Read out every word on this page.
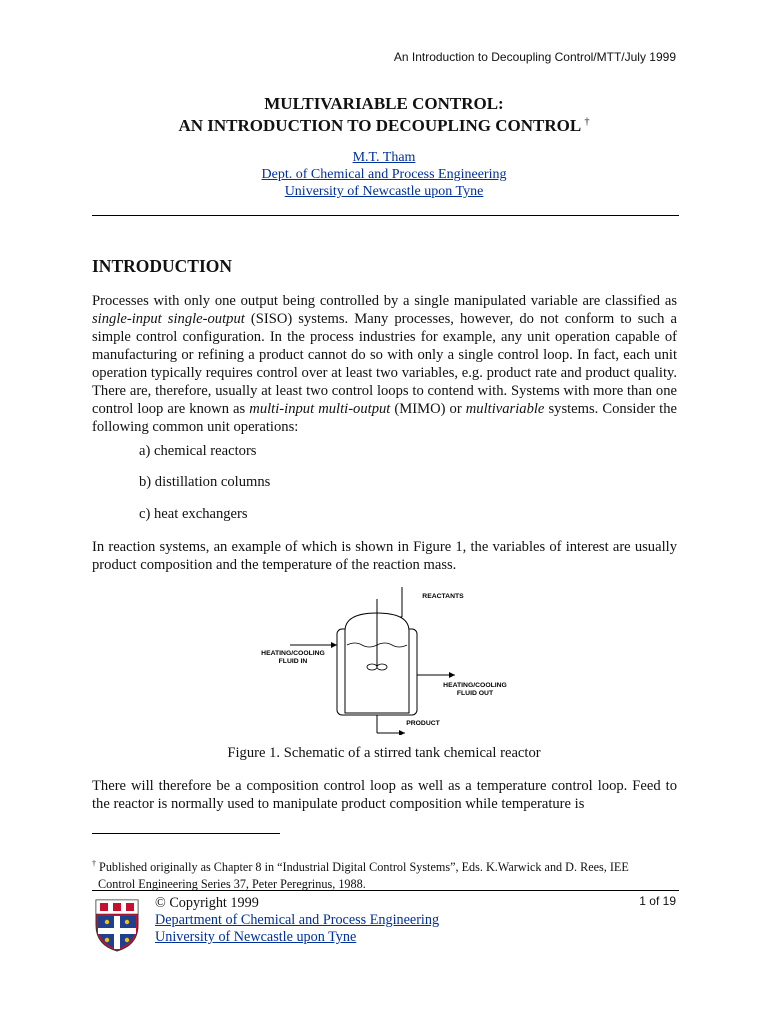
An Introduction to Decoupling Control/MTT/July 1999
MULTIVARIABLE CONTROL:
AN INTRODUCTION TO DECOUPLING CONTROL †
M.T. Tham
Dept. of Chemical and Process Engineering
University of Newcastle upon Tyne
INTRODUCTION
Processes with only one output being controlled by a single manipulated variable are classified as single-input single-output (SISO) systems. Many processes, however, do not conform to such a simple control configuration. In the process industries for example, any unit operation capable of manufacturing or refining a product cannot do so with only a single control loop. In fact, each unit operation typically requires control over at least two variables, e.g. product rate and product quality. There are, therefore, usually at least two control loops to contend with. Systems with more than one control loop are known as multi-input multi-output (MIMO) or multivariable systems. Consider the following common unit operations:
a) chemical reactors
b) distillation columns
c) heat exchangers
In reaction systems, an example of which is shown in Figure 1, the variables of interest are usually product composition and the temperature of the reaction mass.
REACTANTS
HEATING/COOLING
FLUID IN
HEATING/COOLING
FLUID OUT
PRODUCT
Figure 1. Schematic of a stirred tank chemical reactor
There will therefore be a composition control loop as well as a temperature control loop. Feed to the reactor is normally used to manipulate product composition while temperature is
† Published originally as Chapter 8 in “Industrial Digital Control Systems”, Eds. K.Warwick and D. Rees, IEE
Control Engineering Series 37, Peter Peregrinus, 1988.
1 of 19
© Copyright 1999
Department of Chemical and Process Engineering
University of Newcastle upon Tyne
